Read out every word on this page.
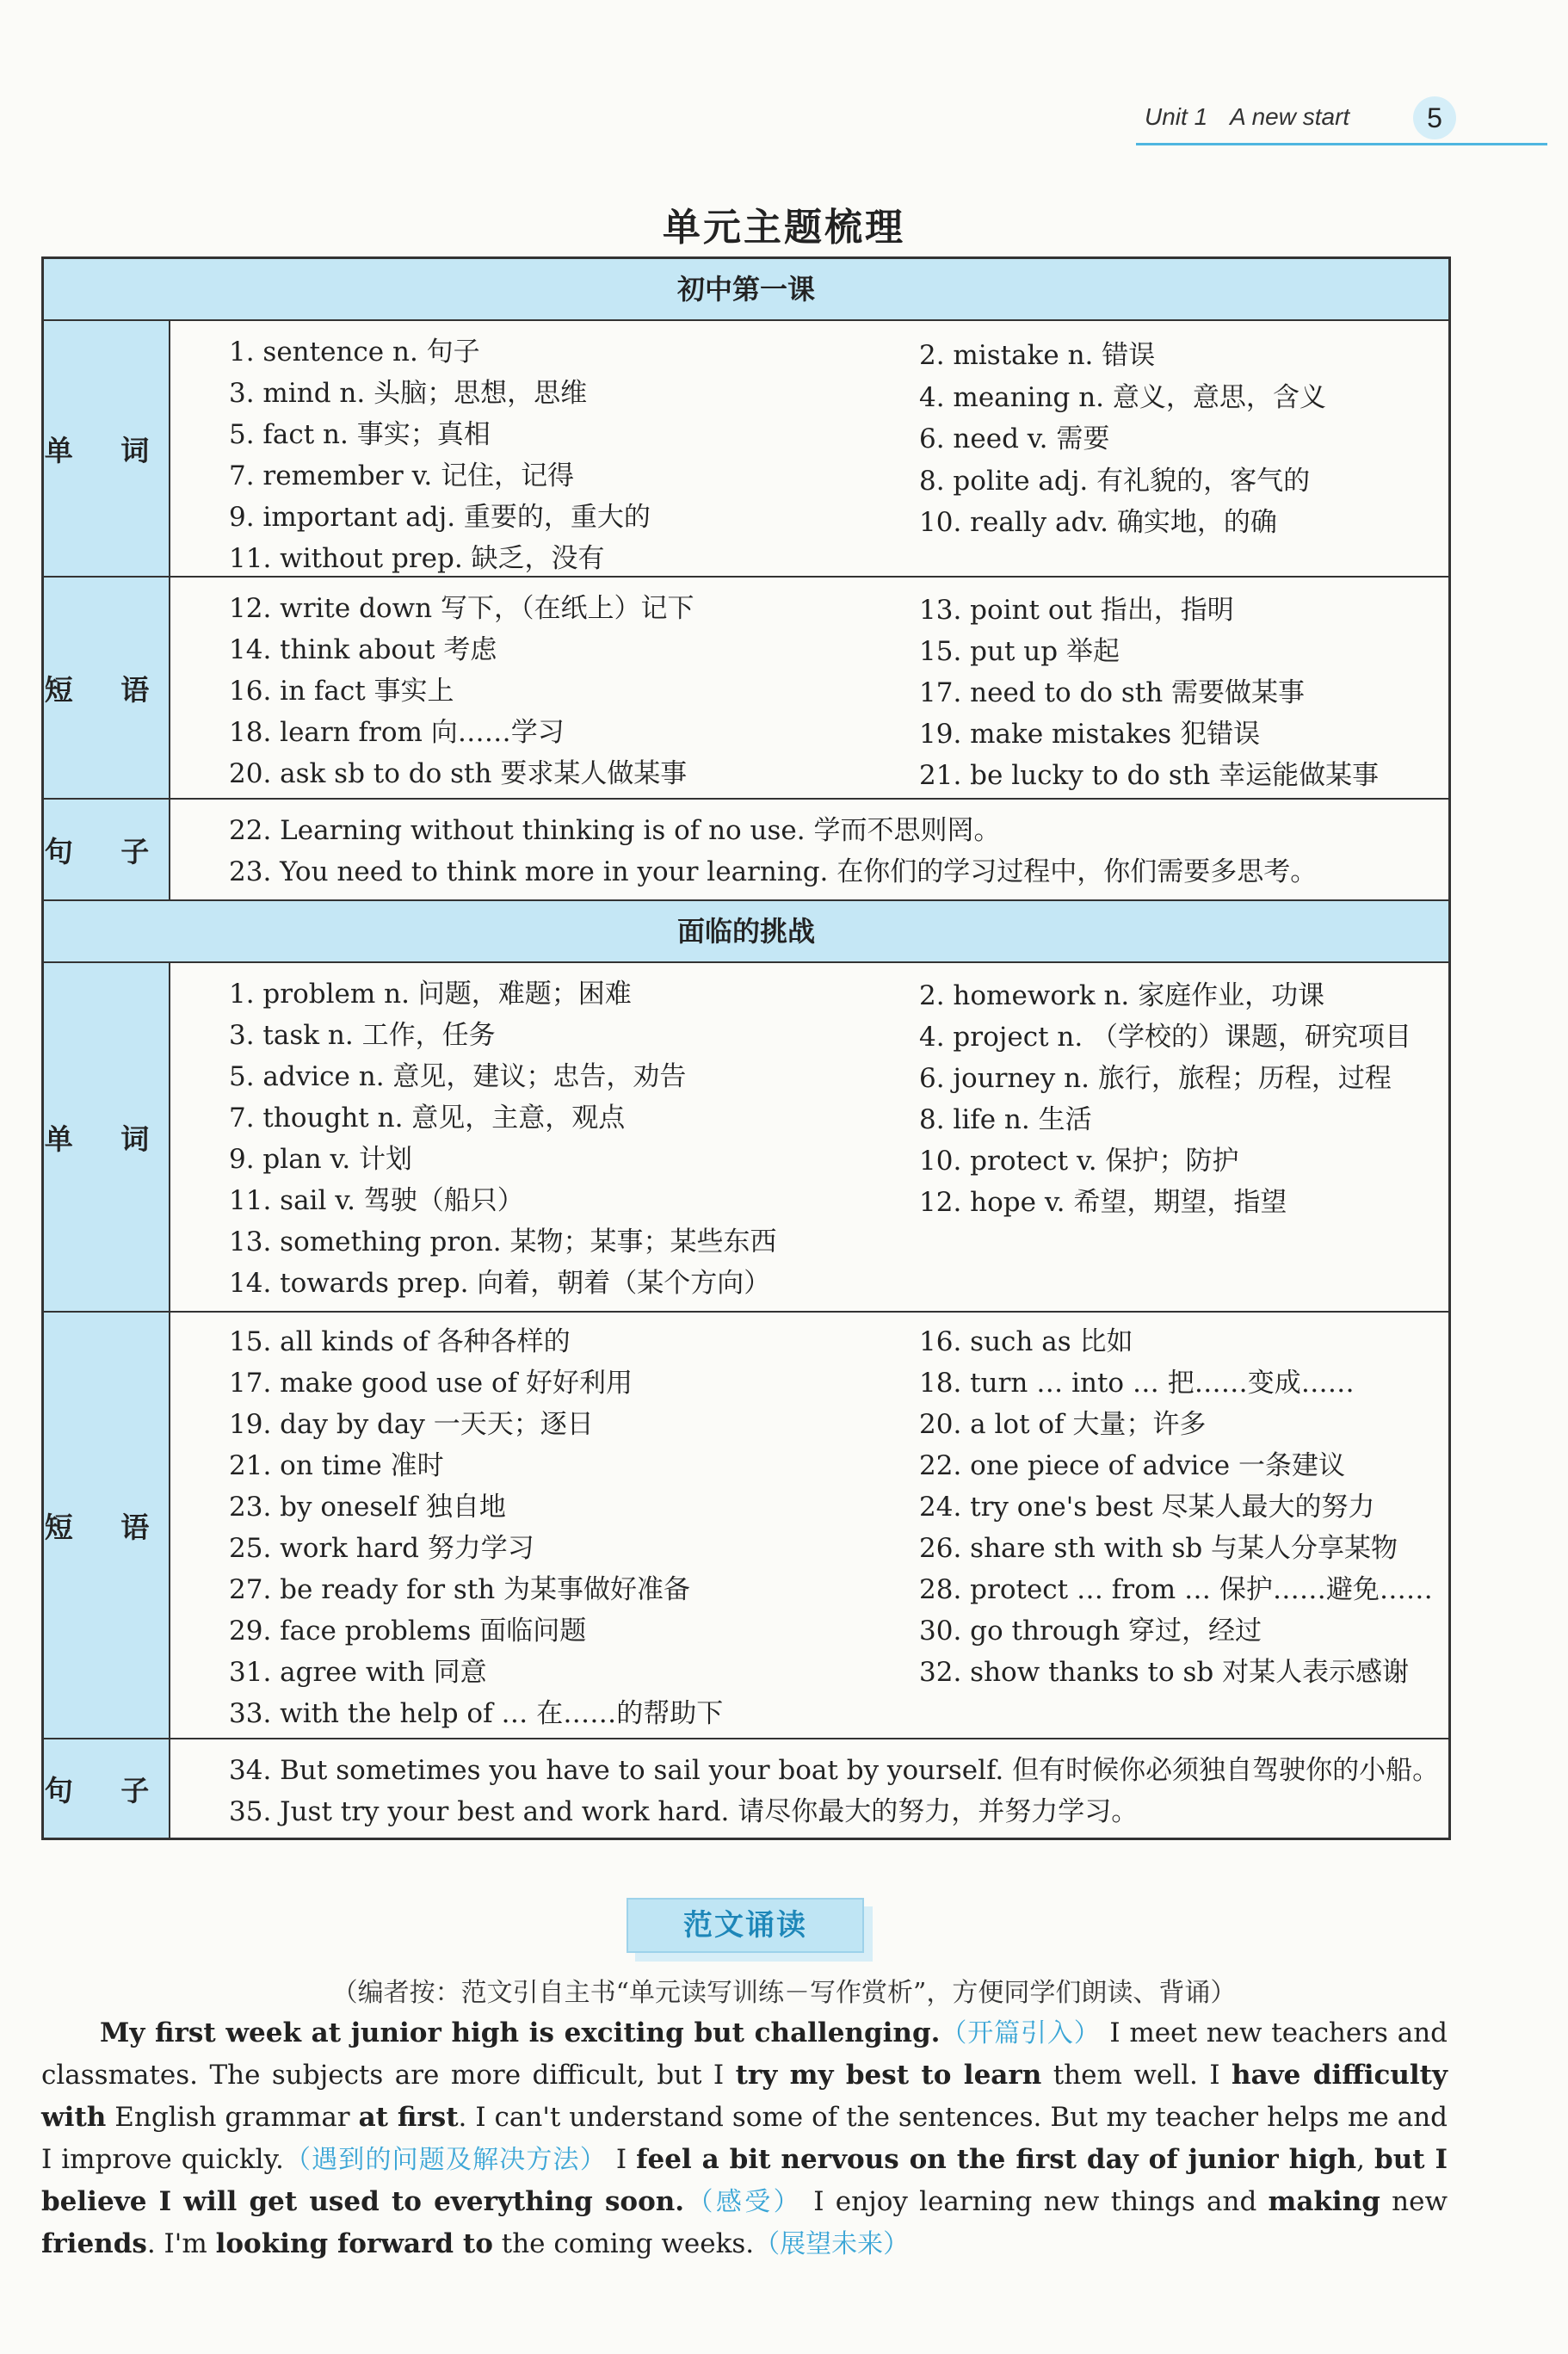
Unit 1 A new start	5
单元主题梳理
初中第一课
单 词
1. sentence n. 句子
3. mind n. 头脑；思想，思维
5. fact n. 事实；真相
7. remember v. 记住，记得
9. important adj. 重要的，重大的
11. without prep. 缺乏，没有
2. mistake n. 错误
4. meaning n. 意义，意思，含义
6. need v. 需要
8. polite adj. 有礼貌的，客气的
10. really adv. 确实地，的确
短 语
12. write down 写下，（在纸上）记下
14. think about 考虑
16. in fact 事实上
18. learn from 向……学习
20. ask sb to do sth 要求某人做某事
13. point out 指出，指明
15. put up 举起
17. need to do sth 需要做某事
19. make mistakes 犯错误
21. be lucky to do sth 幸运能做某事
句 子
22. Learning without thinking is of no use. 学而不思则罔。
23. You need to think more in your learning. 在你们的学习过程中，你们需要多思考。
面临的挑战
单 词
1. problem n. 问题，难题；困难
3. task n. 工作，任务
5. advice n. 意见，建议；忠告，劝告
7. thought n. 意见，主意，观点
9. plan v. 计划
11. sail v. 驾驶（船只）
13. something pron. 某物；某事；某些东西
14. towards prep. 向着，朝着（某个方向）
2. homework n. 家庭作业，功课
4. project n. （学校的）课题，研究项目
6. journey n. 旅行，旅程；历程，过程
8. life n. 生活
10. protect v. 保护；防护
12. hope v. 希望，期望，指望
短 语
15. all kinds of 各种各样的
17. make good use of 好好利用
19. day by day 一天天；逐日
21. on time 准时
23. by oneself 独自地
25. work hard 努力学习
27. be ready for sth 为某事做好准备
29. face problems 面临问题
31. agree with 同意
33. with the help of … 在……的帮助下
16. such as 比如
18. turn … into … 把……变成……
20. a lot of 大量；许多
22. one piece of advice 一条建议
24. try one's best 尽某人最大的努力
26. share sth with sb 与某人分享某物
28. protect … from … 保护……避免……
30. go through 穿过，经过
32. show thanks to sb 对某人表示感谢
句 子
34. But sometimes you have to sail your boat by yourself. 但有时候你必须独自驾驶你的小船。
35. Just try your best and work hard. 请尽你最大的努力，并努力学习。
范文诵读
（编者按：范文引自主书“单元读写训练－写作赏析”，方便同学们朗读、背诵）
My first week at junior high is exciting but challenging.（开篇引入） I meet new teachers and classmates. The subjects are more difficult, but I try my best to learn them well. I have difficulty with English grammar at first. I can't understand some of the sentences. But my teacher helps me and I improve quickly.（遇到的问题及解决方法） I feel a bit nervous on the first day of junior high, but I believe I will get used to everything soon.（感受） I enjoy learning new things and making new friends. I'm looking forward to the coming weeks.（展望未来）
